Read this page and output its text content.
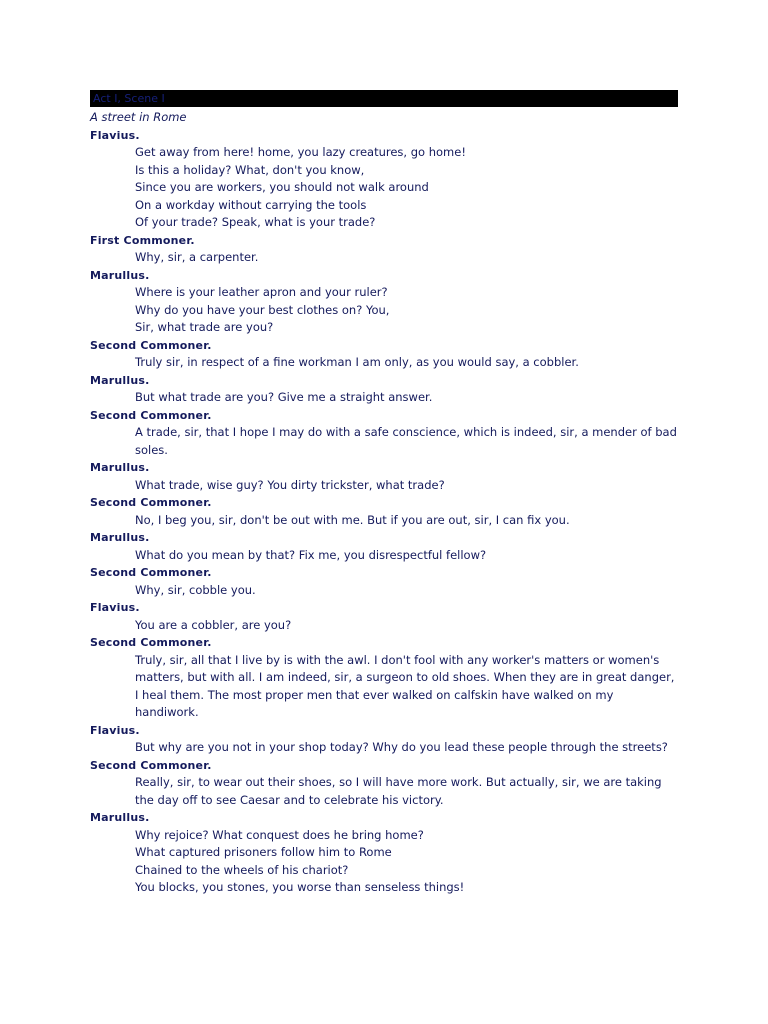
Act I, Scene I
A street in Rome
Flavius.
Get away from here! home, you lazy creatures, go home!
Is this a holiday? What, don't you know,
Since you are workers, you should not walk around
On a workday without carrying the tools
Of your trade? Speak, what is your trade?
First Commoner.
Why, sir, a carpenter.
Marullus.
Where is your leather apron and your ruler?
Why do you have your best clothes on? You,
Sir, what trade are you?
Second Commoner.
Truly sir, in respect of a fine workman I am only, as you would say, a cobbler.
Marullus.
But what trade are you? Give me a straight answer.
Second Commoner.
A trade, sir, that I hope I may do with a safe conscience, which is indeed, sir, a mender of bad soles.
Marullus.
What trade, wise guy? You dirty trickster, what trade?
Second Commoner.
No, I beg you, sir, don't be out with me. But if you are out, sir, I can fix you.
Marullus.
What do you mean by that? Fix me, you disrespectful fellow?
Second Commoner.
Why, sir, cobble you.
Flavius.
You are a cobbler, are you?
Second Commoner.
Truly, sir, all that I live by is with the awl. I don't fool with any worker's matters or women's matters, but with all. I am indeed, sir, a surgeon to old shoes. When they are in great danger, I heal them. The most proper men that ever walked on calfskin have walked on my handiwork.
Flavius.
But why are you not in your shop today? Why do you lead these people through the streets?
Second Commoner.
Really, sir, to wear out their shoes, so I will have more work. But actually, sir, we are taking the day off to see Caesar and to celebrate his victory.
Marullus.
Why rejoice? What conquest does he bring home?
What captured prisoners follow him to Rome
Chained to the wheels of his chariot?
You blocks, you stones, you worse than senseless things!
